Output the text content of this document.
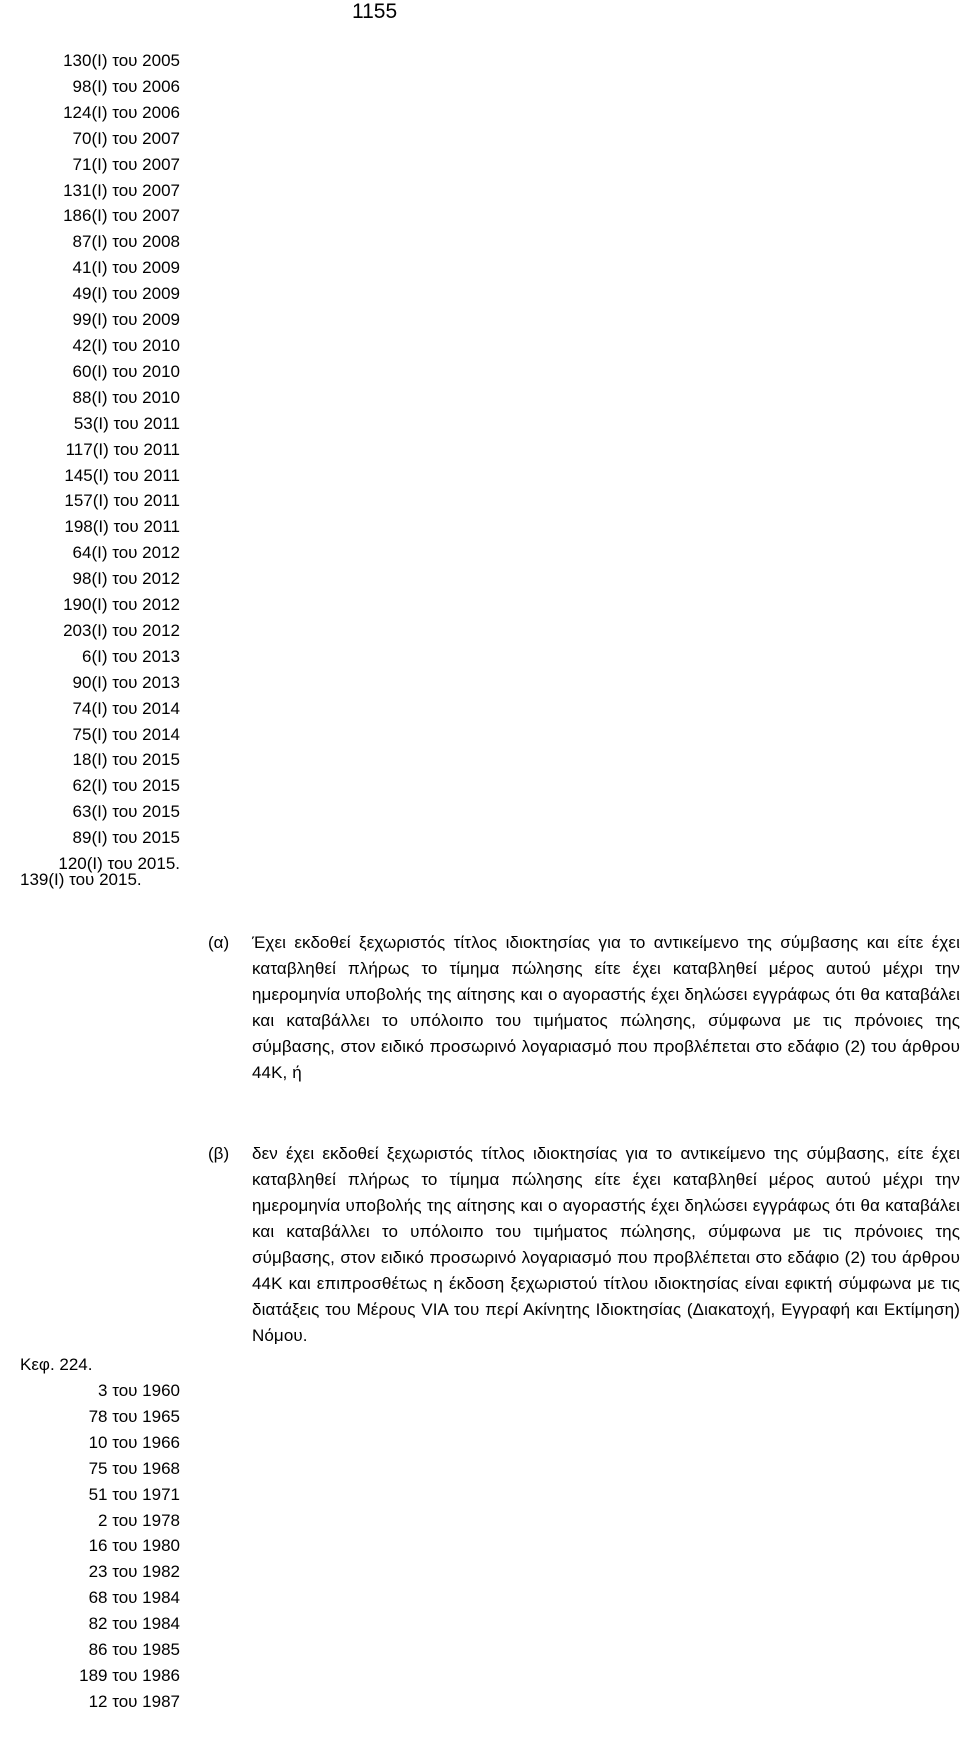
1155
130(Ι) του 2005
98(Ι) του 2006
124(Ι) του 2006
70(Ι) του 2007
71(Ι) του 2007
131(Ι) του 2007
186(Ι) του 2007
87(Ι) του 2008
41(Ι) του 2009
49(Ι) του 2009
99(Ι) του 2009
42(Ι) του 2010
60(Ι) του 2010
88(Ι) του 2010
53(Ι) του 2011
117(Ι) του 2011
145(Ι) του 2011
157(Ι) του 2011
198(Ι) του 2011
64(Ι) του 2012
98(Ι) του 2012
190(Ι) του 2012
203(Ι) του 2012
6(Ι) του 2013
90(Ι) του 2013
74(Ι) του 2014
75(Ι) του 2014
18(Ι) του 2015
62(Ι) του 2015
63(Ι) του 2015
89(Ι) του 2015
120(Ι) του 2015.
139(Ι) του 2015.
Κεφ. 224.
3 του 1960
78 του 1965
10 του 1966
75 του 1968
51 του 1971
2 του 1978
16 του 1980
23 του 1982
68 του 1984
82 του 1984
86 του 1985
189 του 1986
12 του 1987
(α) Έχει εκδοθεί ξεχωριστός τίτλος ιδιοκτησίας για το αντικείμενο της σύμβασης και είτε έχει καταβληθεί πλήρως το τίμημα πώλησης είτε έχει καταβληθεί μέρος αυτού μέχρι την ημερομηνία υποβολής της αίτησης και ο αγοραστής έχει δηλώσει εγγράφως ότι θα καταβάλει και καταβάλλει το υπόλοιπο του τιμήματος πώλησης, σύμφωνα με τις πρόνοιες της σύμβασης, στον ειδικό προσωρινό λογαριασμό που προβλέπεται στο εδάφιο (2) του άρθρου 44Κ, ή
(β) δεν έχει εκδοθεί ξεχωριστός τίτλος ιδιοκτησίας για το αντικείμενο της σύμβασης, είτε έχει καταβληθεί πλήρως το τίμημα πώλησης είτε έχει καταβληθεί μέρος αυτού μέχρι την ημερομηνία υποβολής της αίτησης και ο αγοραστής έχει δηλώσει εγγράφως ότι θα καταβάλει και καταβάλλει το υπόλοιπο του τιμήματος πώλησης, σύμφωνα με τις πρόνοιες της σύμβασης, στον ειδικό προσωρινό λογαριασμό που προβλέπεται στο εδάφιο (2) του άρθρου 44Κ και επιπροσθέτως η έκδοση ξεχωριστού τίτλου ιδιοκτησίας είναι εφικτή σύμφωνα με τις διατάξεις του Μέρους VIA του περί Ακίνητης Ιδιοκτησίας (Διακατοχή, Εγγραφή και Εκτίμηση) Νόμου.
